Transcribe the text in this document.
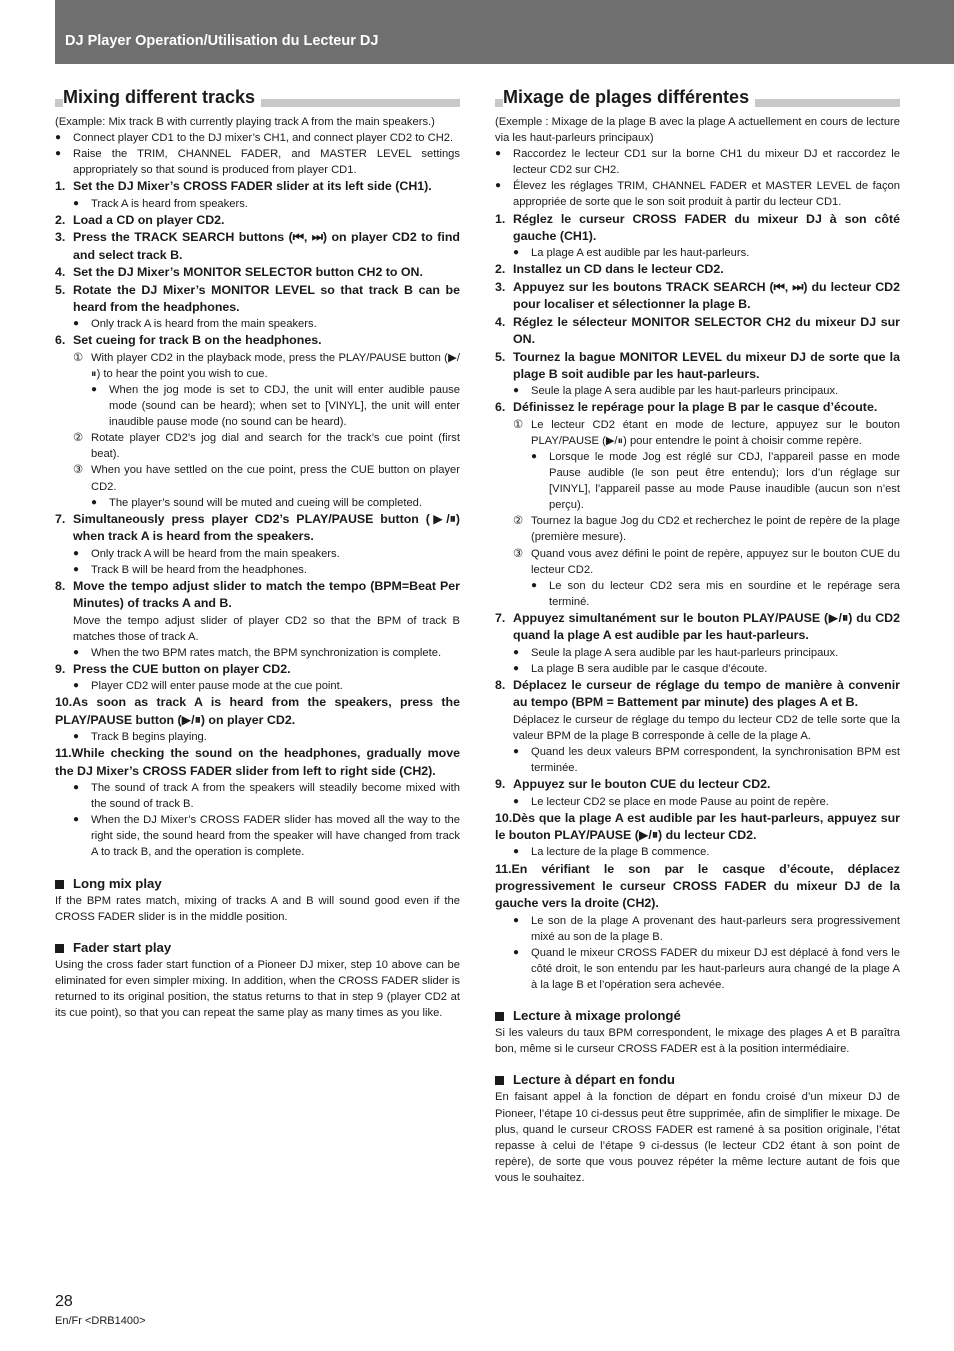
DJ Player Operation/Utilisation du Lecteur DJ
Mixing different tracks

(Example: Mix track B with currently playing track A from the main speakers.)

● Connect player CD1 to the DJ mixer’s CH1, and connect player CD2 to CH2.
● Raise the TRIM, CHANNEL FADER, and MASTER LEVEL settings appropriately so that sound is produced from player CD1.
1. Set the DJ Mixer’s CROSS FADER slider at its left side (CH1).
● Track A is heard from speakers.
2. Load a CD on player CD2.
3. Press the TRACK SEARCH buttons (⏮, ⏭) on player CD2 to find and select track B.
4. Set the DJ Mixer’s MONITOR SELECTOR button CH2 to ON.
5. Rotate the DJ Mixer’s MONITOR LEVEL so that track B can be heard from the headphones.
● Only track A is heard from the main speakers.
6. Set cueing for track B on the headphones.
① With player CD2 in the playback mode, press the PLAY/PAUSE button (▶/⏸) to hear the point you wish to cue.
● When the jog mode is set to CDJ, the unit will enter audible pause mode (sound can be heard); when set to [VINYL], the unit will enter inaudible pause mode (no sound can be heard).
② Rotate player CD2’s jog dial and search for the track’s cue point (first beat).
③ When you have settled on the cue point, press the CUE button on player CD2.
● The player’s sound will be muted and cueing will be completed.
7. Simultaneously press player CD2’s PLAY/PAUSE button (▶/⏸) when track A is heard from the speakers.
● Only track A will be heard from the main speakers.
● Track B will be heard from the headphones.
8. Move the tempo adjust slider to match the tempo (BPM=Beat Per Minutes) of tracks A and B.

Move the tempo adjust slider of player CD2 so that the BPM of track B matches those of track A.

● When the two BPM rates match, the BPM synchronization is complete.
9. Press the CUE button on player CD2.
● Player CD2 will enter pause mode at the cue point.
10.As soon as track A is heard from the speakers, press the PLAY/PAUSE button (▶/⏸) on player CD2.
● Track B begins playing.
11.While checking the sound on the headphones, gradually move the DJ Mixer’s CROSS FADER slider from left to right side (CH2).
● The sound of track A from the speakers will steadily become mixed with the sound of track B.
● When the DJ Mixer’s CROSS FADER slider has moved all the way to the right side, the sound heard from the speaker will have changed from track A to track B, and the operation is complete.
Long mix play

If the BPM rates match, mixing of tracks A and B will sound good even if the CROSS FADER slider is in the middle position.

Fader start play

Using the cross fader start function of a Pioneer DJ mixer, step 10 above can be eliminated for even simpler mixing. In addition, when the CROSS FADER slider is returned to its original position, the status returns to that in step 9 (player CD2 at its cue point), so that you can repeat the same play as many times as you like.

Mixage de plages différentes

(Exemple : Mixage de la plage B avec la plage A actuellement en cours de lecture via les haut-parleurs principaux)

● Raccordez le lecteur CD1 sur la borne CH1 du mixeur DJ et raccordez le lecteur CD2 sur CH2.
● Élevez les réglages TRIM, CHANNEL FADER et MASTER LEVEL de façon appropriée de sorte que le son soit produit à partir du lecteur CD1.
1. Réglez le curseur CROSS FADER du mixeur DJ à son côté gauche (CH1).
● La plage A est audible par les haut-parleurs.
2. Installez un CD dans le lecteur CD2.
3. Appuyez sur les boutons TRACK SEARCH (⏮, ⏭) du lecteur CD2 pour localiser et sélectionner la plage B.
4. Réglez le sélecteur MONITOR SELECTOR CH2 du mixeur DJ sur ON.
5. Tournez la bague MONITOR LEVEL du mixeur DJ de sorte que la plage B soit audible par les haut-parleurs.
● Seule la plage A sera audible par les haut-parleurs principaux.
6. Définissez le repérage pour la plage B par le casque d’écoute.
① Le lecteur CD2 étant en mode de lecture, appuyez sur le bouton PLAY/PAUSE (▶/⏸) pour entendre le point à choisir comme repère.
● Lorsque le mode Jog est réglé sur CDJ, l’appareil passe en mode Pause audible (le son peut être entendu); lors d’un réglage sur [VINYL], l’appareil passe au mode Pause inaudible (aucun son n’est perçu).
② Tournez la bague Jog du CD2 et recherchez le point de repère de la plage (première mesure).
③ Quand vous avez défini le point de repère, appuyez sur le bouton CUE du lecteur CD2.
● Le son du lecteur CD2 sera mis en sourdine et le repérage sera terminé.
7. Appuyez simultanément sur le bouton PLAY/PAUSE (▶/⏸) du CD2 quand la plage A est audible par les haut-parleurs.
● Seule la plage A sera audible par les haut-parleurs principaux.
● La plage B sera audible par le casque d’écoute.
8. Déplacez le curseur de réglage du tempo de manière à convenir au tempo (BPM = Battement par minute) des plages A et B.

Déplacez le curseur de réglage du tempo du lecteur CD2 de telle sorte que la valeur BPM de la plage B corresponde à celle de la plage A.

● Quand les deux valeurs BPM correspondent, la synchronisation BPM est terminée.
9. Appuyez sur le bouton CUE du lecteur CD2.
● Le lecteur CD2 se place en mode Pause au point de repère.
10.Dès que la plage A est audible par les haut-parleurs, appuyez sur le bouton PLAY/PAUSE (▶/⏸) du lecteur CD2.
● La lecture de la plage B commence.
11.En vérifiant le son par le casque d’écoute, déplacez progressivement le curseur CROSS FADER du mixeur DJ de la gauche vers la droite (CH2).
● Le son de la plage A provenant des haut-parleurs sera progressivement mixé au son de la plage B.
● Quand le mixeur CROSS FADER du mixeur DJ est déplacé à fond vers le côté droit, le son entendu par les haut-parleurs aura changé de la plage A à la lage B et l’opération sera achevée.
Lecture à mixage prolongé

Si les valeurs du taux BPM correspondent, le mixage des plages A et B paraîtra bon, même si le curseur CROSS FADER est à la position intermédiaire.

Lecture à départ en fondu

En faisant appel à la fonction de départ en fondu croisé d’un mixeur DJ de Pioneer, l’étape 10 ci-dessus peut être supprimée, afin de simplifier le mixage. De plus, quand le curseur CROSS FADER est ramené à sa position originale, l’état repasse à celui de l’étape 9 ci-dessus (le lecteur CD2 étant à son point de repère), de sorte que vous pouvez répéter la même lecture autant de fois que vous le souhaitez.

28
En/Fr <DRB1400>
